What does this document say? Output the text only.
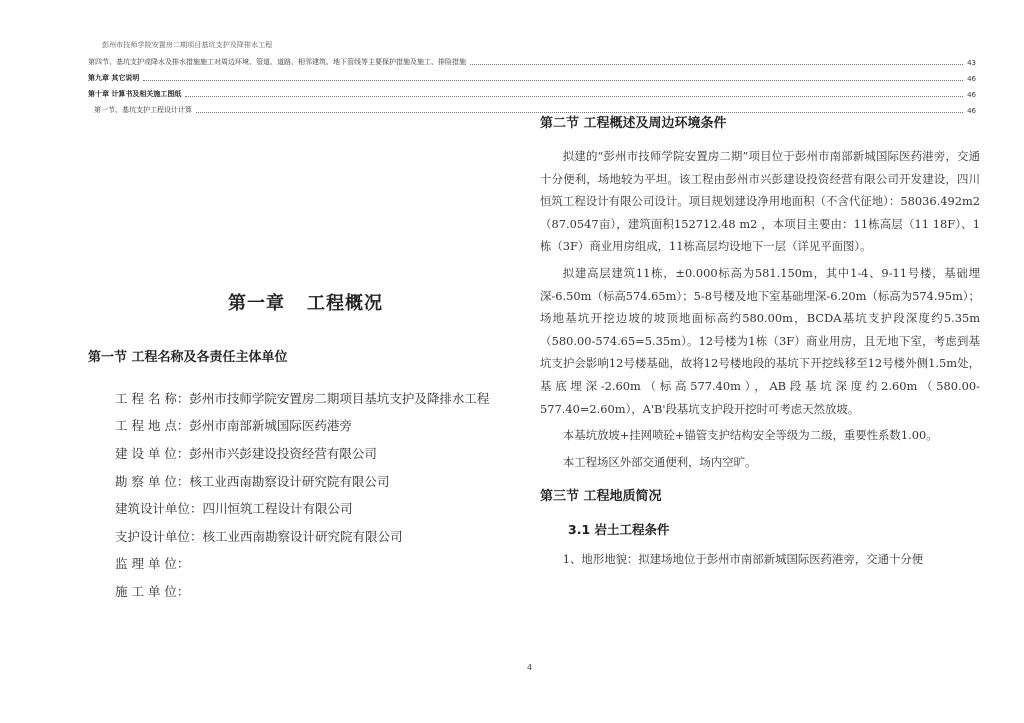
彭州市技师学院安置房二期项目基坑支护及降排水工程
第四节、基坑支护或降水及排水措施施工对周边环境、管道、道路、相邻建筑、地下管线等主要保护措施及施工、排险措施	43
第九章 其它说明	46
第十章 计算书及相关施工图纸	46
第一节、基坑支护工程设计计算	46
第一章 工程概况
第一节 工程名称及各责任主体单位
工 程 名 称： 彭州市技师学院安置房二期项目基坑支护及降排水工程
工 程 地 点： 彭州市南部新城国际医药港旁
建 设 单 位： 彭州市兴彭建设投资经营有限公司
勘 察 单 位： 核工业西南勘察设计研究院有限公司
建筑设计单位： 四川恒筑工程设计有限公司
支护设计单位： 核工业西南勘察设计研究院有限公司
监 理 单 位：
施 工 单 位：
第二节 工程概述及周边环境条件

拟建的“彭州市技师学院安置房二期”项目位于彭州市南部新城国际医药港旁，交通十分便利，场地较为平坦。该工程由彭州市兴彭建设投资经营有限公司开发建设，四川恒筑工程设计有限公司设计。项目规划建设净用地面积（不含代征地）：58036.492m2（87.0547亩），建筑面积152712.48 m2 ，本项目主要由：11栋高层（11 18F）、1栋（3F）商业用房组成，11栋高层均设地下一层（详见平面图）。

拟建高层建筑11栋，±0.000标高为581.150m，其中1-4、9-11号楼，基础埋深-6.50m（标高574.65m）；5-8号楼及地下室基础埋深-6.20m（标高为574.95m）；场地基坑开挖边坡的坡顶地面标高约580.00m，BCDA基坑支护段深度约5.35m（580.00-574.65=5.35m）。12号楼为1栋（3F）商业用房，且无地下室，考虑到基坑支护会影响12号楼基础，故将12号楼地段的基坑下开挖线移至12号楼外侧1.5m处，基底埋深-2.60m（标高577.40m），AB段基坑深度约2.60m（580.00-577.40=2.60m），A'B'段基坑支护段开挖时可考虑天然放坡。

本基坑放坡+挂网喷砼+锚管支护结构安全等级为二级，重要性系数1.00。

本工程场区外部交通便利，场内空旷。

第三节 工程地质简况
3.1 岩土工程条件

1、地形地貌：拟建场地位于彭州市南部新城国际医药港旁，交通十分便

4
